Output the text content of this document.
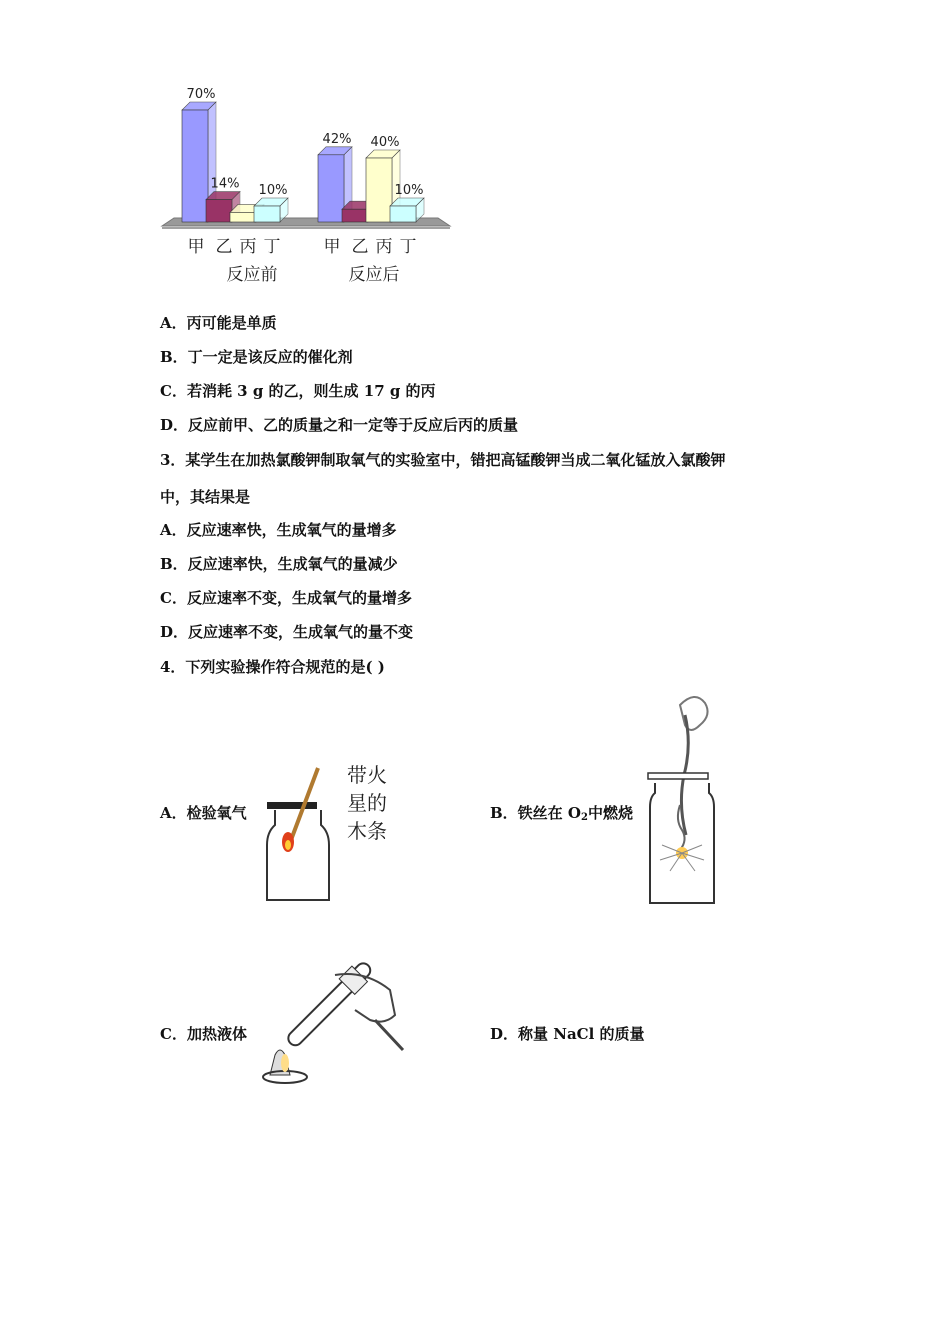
70%
甲
14%
乙 丙
10%
丁
反应前
42%
甲 乙
40%
丙
10%
丁
反应后
A．丙可能是单质
B．丁一定是该反应的催化剂
C．若消耗 3 g 的乙，则生成 17 g 的丙
D．反应前甲、乙的质量之和一定等于反应后丙的质量
3．某学生在加热氯酸钾制取氧气的实验室中，错把高锰酸钾当成二氧化锰放入氯酸钾
中，其结果是
A．反应速率快，生成氧气的量增多
B．反应速率快，生成氧气的量减少
C．反应速率不变，生成氧气的量增多
D．反应速率不变，生成氧气的量不变
4．下列实验操作符合规范的是( )
A．检验氧气	B．铁丝在 $O_2$中燃烧
C．加热液体	D．称量 NaCl 的质量
带火
星的
木条
